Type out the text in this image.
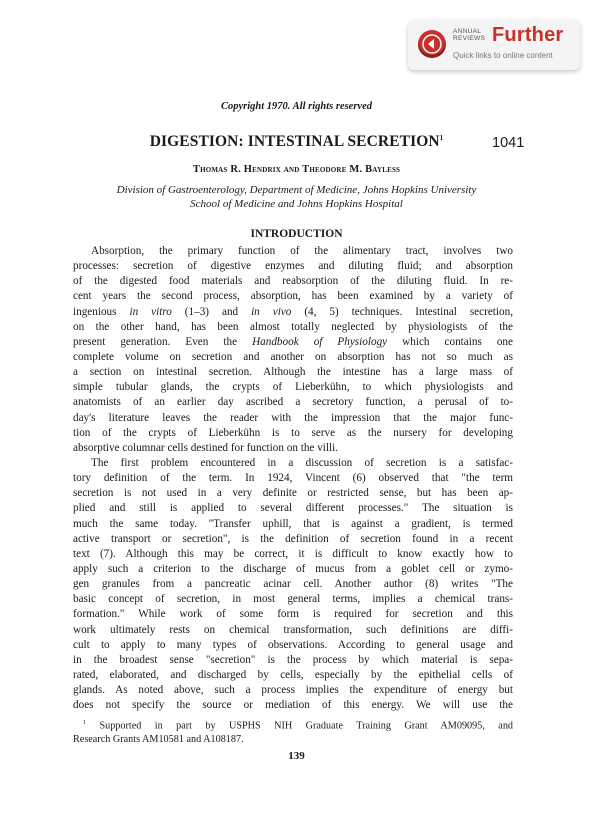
ANNUAL REVIEWS Further
Quick links to online content
Copyright 1970. All rights reserved
DIGESTION: INTESTINAL SECRETION$^1$	1041
Thomas R. Hendrix and Theodore M. Bayless
Division of Gastroenterology, Department of Medicine, Johns Hopkins University
School of Medicine and Johns Hopkins Hospital
INTRODUCTION
Absorption, the primary function of the alimentary tract, involves two
processes: secretion of digestive enzymes and diluting fluid; and absorption
of the digested food materials and reabsorption of the diluting fluid. In re-
cent years the second process, absorption, has been examined by a variety of
ingenious in vitro (1–3) and in vivo (4, 5) techniques. Intestinal secretion,
on the other hand, has been almost totally neglected by physiologists of the
present generation. Even the Handbook of Physiology which contains one
complete volume on secretion and another on absorption has not so much as
a section on intestinal secretion. Although the intestine has a large mass of
simple tubular glands, the crypts of Lieberkühn, to which physiologists and
anatomists of an earlier day ascribed a secretory function, a perusal of to-
day's literature leaves the reader with the impression that the major func-
tion of the crypts of Lieberkühn is to serve as the nursery for developing
absorptive columnar cells destined for function on the villi.
The first problem encountered in a discussion of secretion is a satisfac-
tory definition of the term. In 1924, Vincent (6) observed that "the term
secretion is not used in a very definite or restricted sense, but has been ap-
plied and still is applied to several different processes." The situation is
much the same today. "Transfer uphill, that is against a gradient, is termed
active transport or secretion", is the definition of secretion found in a recent
text (7). Although this may be correct, it is difficult to know exactly how to
apply such a criterion to the discharge of mucus from a goblet cell or zymo-
gen granules from a pancreatic acinar cell. Another author (8) writes "The
basic concept of secretion, in most general terms, implies a chemical trans-
formation." While work of some form is required for secretion and this
work ultimately rests on chemical transformation, such definitions are diffi-
cult to apply to many types of observations. According to general usage and
in the broadest sense "secretion" is the process by which material is sepa-
rated, elaborated, and discharged by cells, especially by the epithelial cells of
glands. As noted above, such a process implies the expenditure of energy but
does not specify the source or mediation of this energy. We will use the
$^1$ Supported in part by USPHS NIH Graduate Training Grant AM09095, and
Research Grants AM10581 and A108187.
139
